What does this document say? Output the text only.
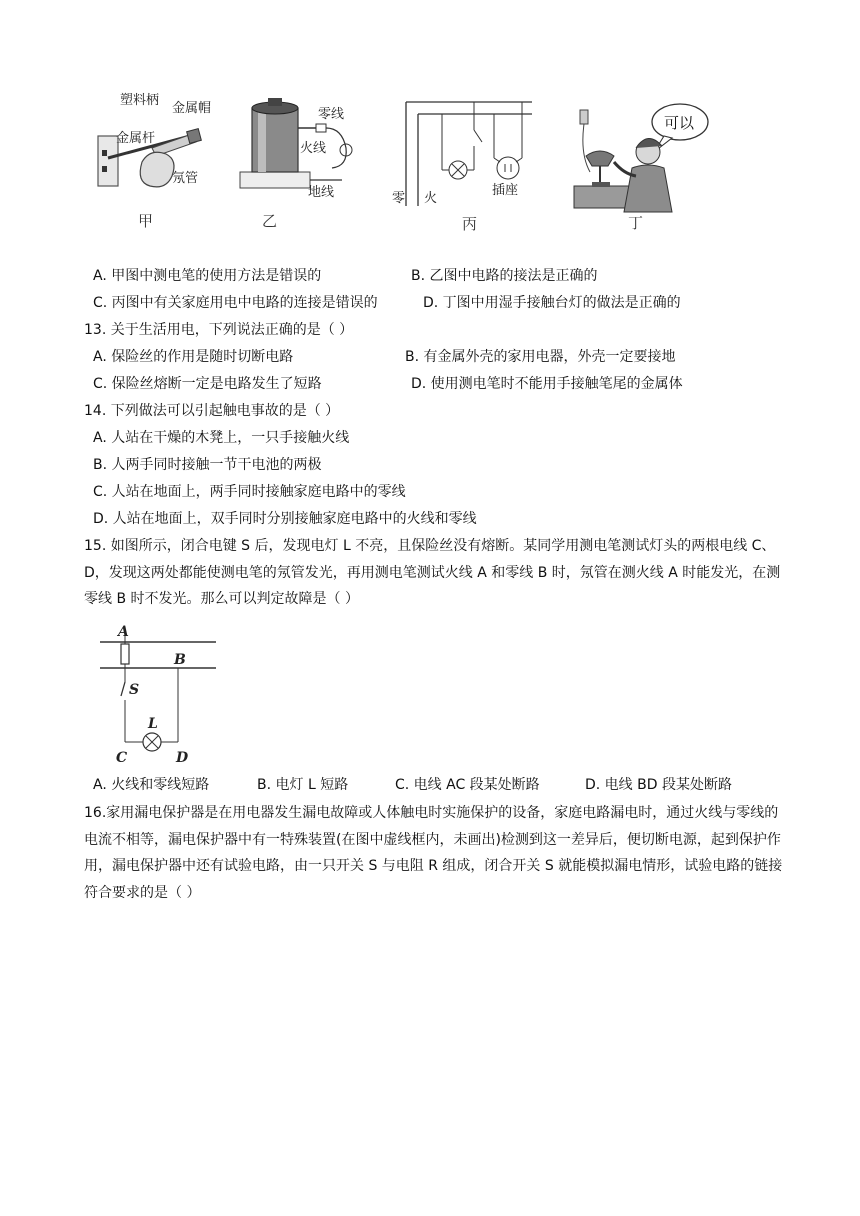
塑料柄
金属帽
金属杆
氖管
甲
零线
火线
地线
乙
零 火
插座
丙
可以
丁
A. 甲图中测电笔的使用方法是错误的	B. 乙图中电路的接法是正确的
C. 丙图中有关家庭用电中电路的连接是错误的	D. 丁图中用湿手接触台灯的做法是正确的
13. 关于生活用电，下列说法正确的是（ ）
A. 保险丝的作用是随时切断电路	B. 有金属外壳的家用电器，外壳一定要接地
C. 保险丝熔断一定是电路发生了短路	D. 使用测电笔时不能用手接触笔尾的金属体
14. 下列做法可以引起触电事故的是（ ）
A. 人站在干燥的木凳上，一只手接触火线
B. 人两手同时接触一节干电池的两极
C. 人站在地面上，两手同时接触家庭电路中的零线
D. 人站在地面上，双手同时分别接触家庭电路中的火线和零线
15. 如图所示，闭合电键 S 后，发现电灯 L 不亮，且保险丝没有熔断。某同学用测电笔测试灯头的两根电线 C、D，发现这两处都能使测电笔的氖管发光，再用测电笔测试火线 A 和零线 B 时，氖管在测火线 A 时能发光，在测零线 B 时不发光。那么可以判定故障是（ ）
A
B
S
L
C	D
A. 火线和零线短路	B. 电灯 L 短路	C. 电线 AC 段某处断路	D. 电线 BD 段某处断路
16.家用漏电保护器是在用电器发生漏电故障或人体触电时实施保护的设备，家庭电路漏电时，通过火线与零线的电流不相等，漏电保护器中有一特殊装置(在图中虚线框内，未画出)检测到这一差异后，便切断电源，起到保护作用，漏电保护器中还有试验电路，由一只开关 S 与电阻 R 组成，闭合开关 S 就能模拟漏电情形，试验电路的链接符合要求的是（ ）
